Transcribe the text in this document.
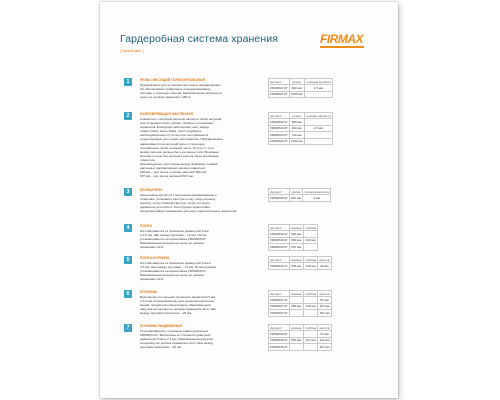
Гардеробная система хранения
( Белый цвет )
FIRMAX
1	РЕЛЬС НЕСУЩИЙ ГОРИЗОНТАЛЬНЫЙ

Предназначен для установки настенных направляющих.

Он обеспечивает правильное позиционирование

системы и упрощает монтаж. Максимальная нагрузка на

рельс не должна превышать 250 кг.

Артикул	длина	толщина металла
FRM2521.07	600 мм	1,5 мм
FRM2521.07	1000 мм	
2	НАПРАВЛЯЮЩАЯ НАСТЕННАЯ

Совместно с несущим рельсом является полки несущей

для установки полок, корзин, обувных и штанговых

элементов. Благодаря небольшому шагу между

отверстиями, всего 32мм, легко подобрать

необходимую высоту полок или зон хранения в

существующем доступном пространстве. Направляющая

навешивается на несущий рельс и помощью

специальных тапов и нижней части. Отступ от стен

между рельсов должен быть не менее 1,2м. Возможен

монтаж и стене без несущего рельса через крепежные

отверстия.

Рекомендуемое расстояние между крайними точками

настенных направляющих должно равняться:

230 мм – для полок и корзин шириной 500 мм;

587 мм – для полок шириной 667 мм.

Артикул	длина	толщина металла
FRM2522.07	380 мм	
FRM2523.07	490 мм	1,5 мм
FRM2523.07	710 мм	
FRM2524.07	1100 мм	
3	КРОНШТЕЙН

Кронштейны крепятся к настенным направляющим и

позволяют установить светлую полку, полку-корзину,

корзину, полку обувной светлую, полку сетчатую,

держатель для юбок и. Конструкция кронштейна

предусматривает снимаемую заглушку горизонтальных элементов.

Артикул	длина	толщина металла
FRM2525.07	400 мм	1 мм
4	ПОЛКА

Изготавливается из проволоки диаметром 5 мм

и 2,5 мм. Шаг между прутками – 14 мм. Полка

устанавливается на кронштейны FRM2525.07.

Максимальная нагрузка на полку не должна

превышать 20 кг.

Артикул	ширина	глубина
FRM2540.07	500 мм	
FRM2540.07	550 мм	410 мм
FRM2540.07	667 мм	
5	ПОЛКА-КОРЗИНА

Изготавливается из проволоки диаметром 5 мм и

2,5 мм. Шаг между прутками – 14 мм. Полка-корзина

устанавливается на кронштейны FRM2525.07.

Максимальная нагрузка на полку не должна

превышать 20 кг.

Артикул	ширина	глубина	высота
FRM2542.07	550 мм	410 мм	90 мм
6	КОРЗИНЫ

Выполнены из стальной проволоки диаметром 5 мм

и 2,5 мм и предназначены для хранения различных

вещей, предметов и аксессуаров. Максимальная

нагрузка на корзину не должна превышать 20 кг. Шаг

между прутками проволоки – 25 мм.

Артикул	ширина	глубина	высота
FRM2537.07			87 мм
FRM2537.07	550 мм	410 мм	157 мм
FRM2537.07			187 мм
7	КОРЗИНЫ ВЫДВИЖНЫЕ

Устанавливаются с помощью рамки держателя

FRM2534.07. Выполнены из стальной проволоки

диаметром 5 мм и 2,5 мм. Максимальная нагрузка

на корзину не должна превышать 20 кг. Шаг между

прутками проволоки – 25 мм.

Артикул	ширина	глубина	высота
FRM2536.07			67 мм
FRM2536.07	550 мм	417 мм	122 мм
FRM2536.07			167 мм
